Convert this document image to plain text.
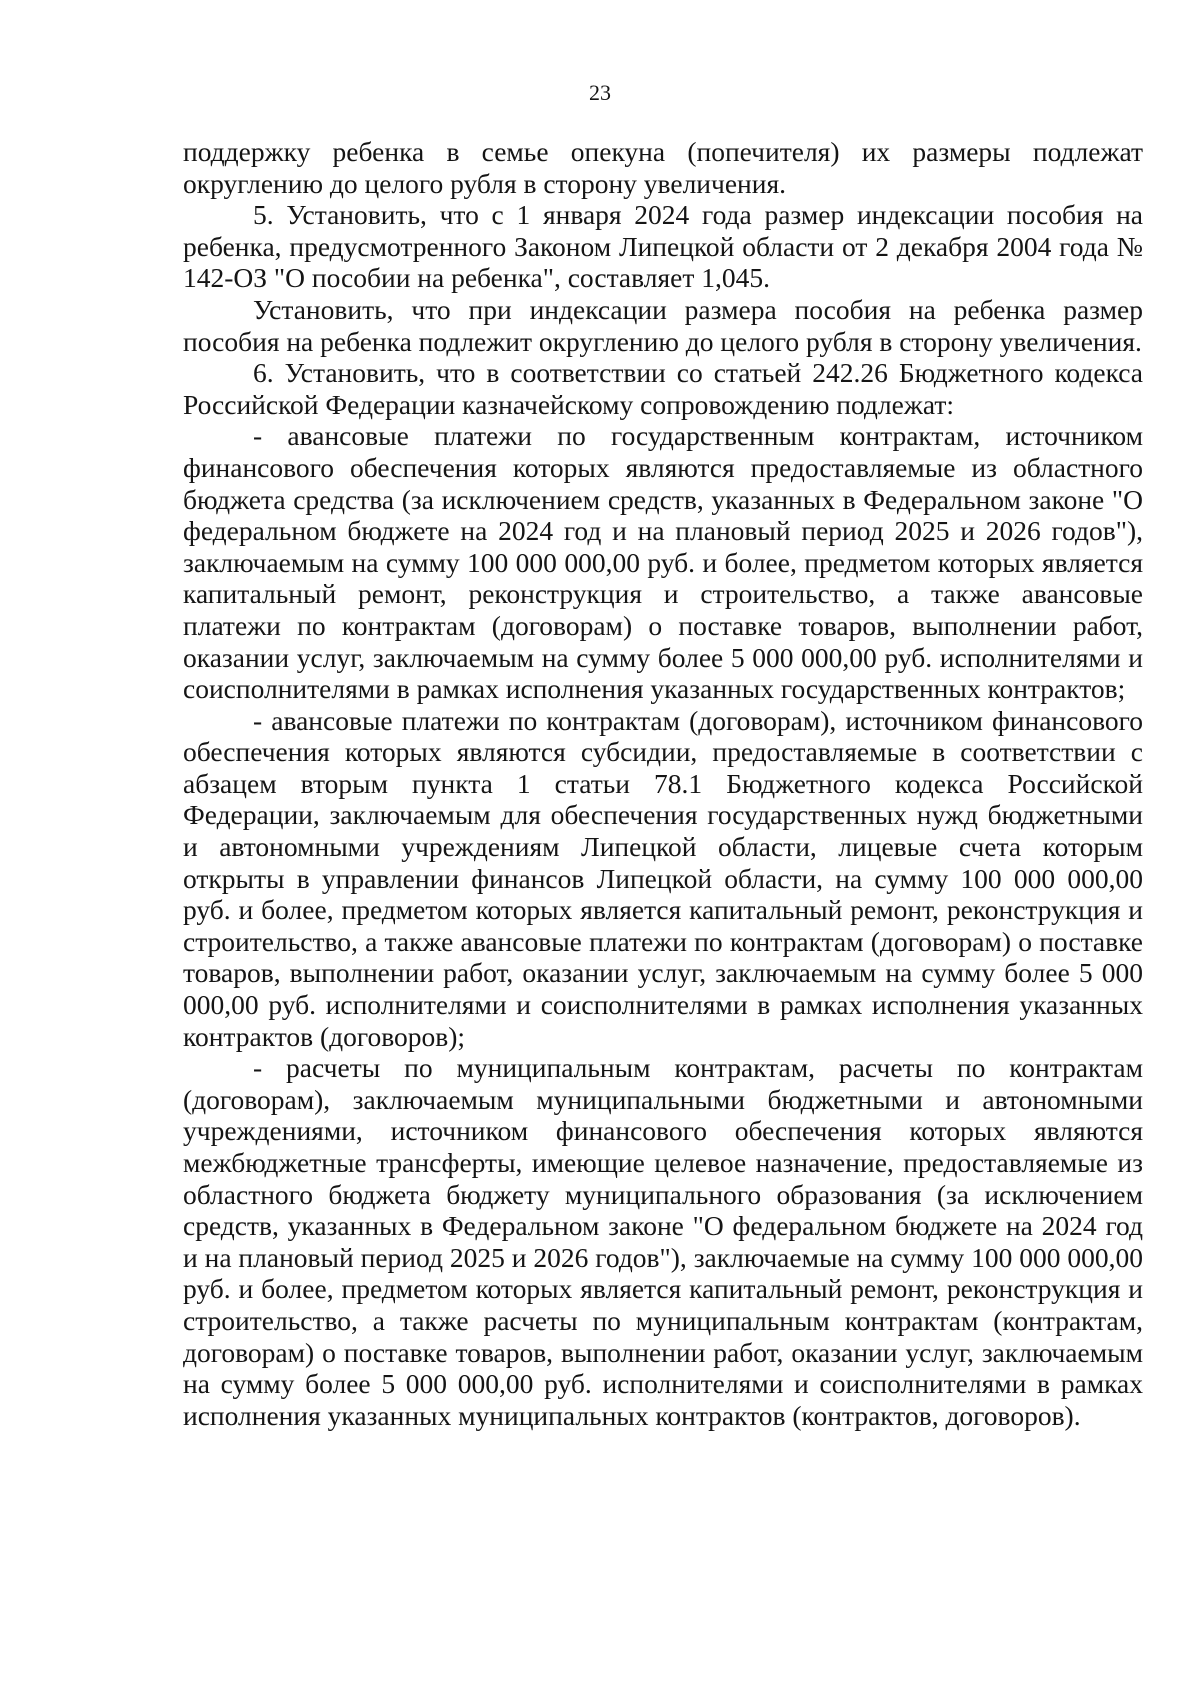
23

поддержку ребенка в семье опекуна (попечителя) их размеры подлежат округлению до целого рубля в сторону увеличения.

5. Установить, что с 1 января 2024 года размер индексации пособия на ребенка, предусмотренного Законом Липецкой области от 2 декабря 2004 года № 142-ОЗ "О пособии на ребенка", составляет 1,045.

Установить, что при индексации размера пособия на ребенка размер пособия на ребенка подлежит округлению до целого рубля в сторону увеличения.

6. Установить, что в соответствии со статьей 242.26 Бюджетного кодекса Российской Федерации казначейскому сопровождению подлежат:

- авансовые платежи по государственным контрактам, источником финансового обеспечения которых являются предоставляемые из областного бюджета средства (за исключением средств, указанных в Федеральном законе "О федеральном бюджете на 2024 год и на плановый период 2025 и 2026 годов"), заключаемым на сумму 100 000 000,00 руб. и более, предметом которых является капитальный ремонт, реконструкция и строительство, а также авансовые платежи по контрактам (договорам) о поставке товаров, выполнении работ, оказании услуг, заключаемым на сумму более 5 000 000,00 руб. исполнителями и соисполнителями в рамках исполнения указанных государственных контрактов;

- авансовые платежи по контрактам (договорам), источником финансового обеспечения которых являются субсидии, предоставляемые в соответствии с абзацем вторым пункта 1 статьи 78.1 Бюджетного кодекса Российской Федерации, заключаемым для обеспечения государственных нужд бюджетными и автономными учреждениям Липецкой области, лицевые счета которым открыты в управлении финансов Липецкой области, на сумму 100 000 000,00 руб. и более, предметом которых является капитальный ремонт, реконструкция и строительство, а также авансовые платежи по контрактам (договорам) о поставке товаров, выполнении работ, оказании услуг, заключаемым на сумму более 5 000 000,00 руб. исполнителями и соисполнителями в рамках исполнения указанных контрактов (договоров);

- расчеты по муниципальным контрактам, расчеты по контрактам (договорам), заключаемым муниципальными бюджетными и автономными учреждениями, источником финансового обеспечения которых являются межбюджетные трансферты, имеющие целевое назначение, предоставляемые из областного бюджета бюджету муниципального образования (за исключением средств, указанных в Федеральном законе "О федеральном бюджете на 2024 год и на плановый период 2025 и 2026 годов"), заключаемые на сумму 100 000 000,00 руб. и более, предметом которых является капитальный ремонт, реконструкция и строительство, а также расчеты по муниципальным контрактам (контрактам, договорам) о поставке товаров, выполнении работ, оказании услуг, заключаемым на сумму более 5 000 000,00 руб. исполнителями и соисполнителями в рамках исполнения указанных муниципальных контрактов (контрактов, договоров).
